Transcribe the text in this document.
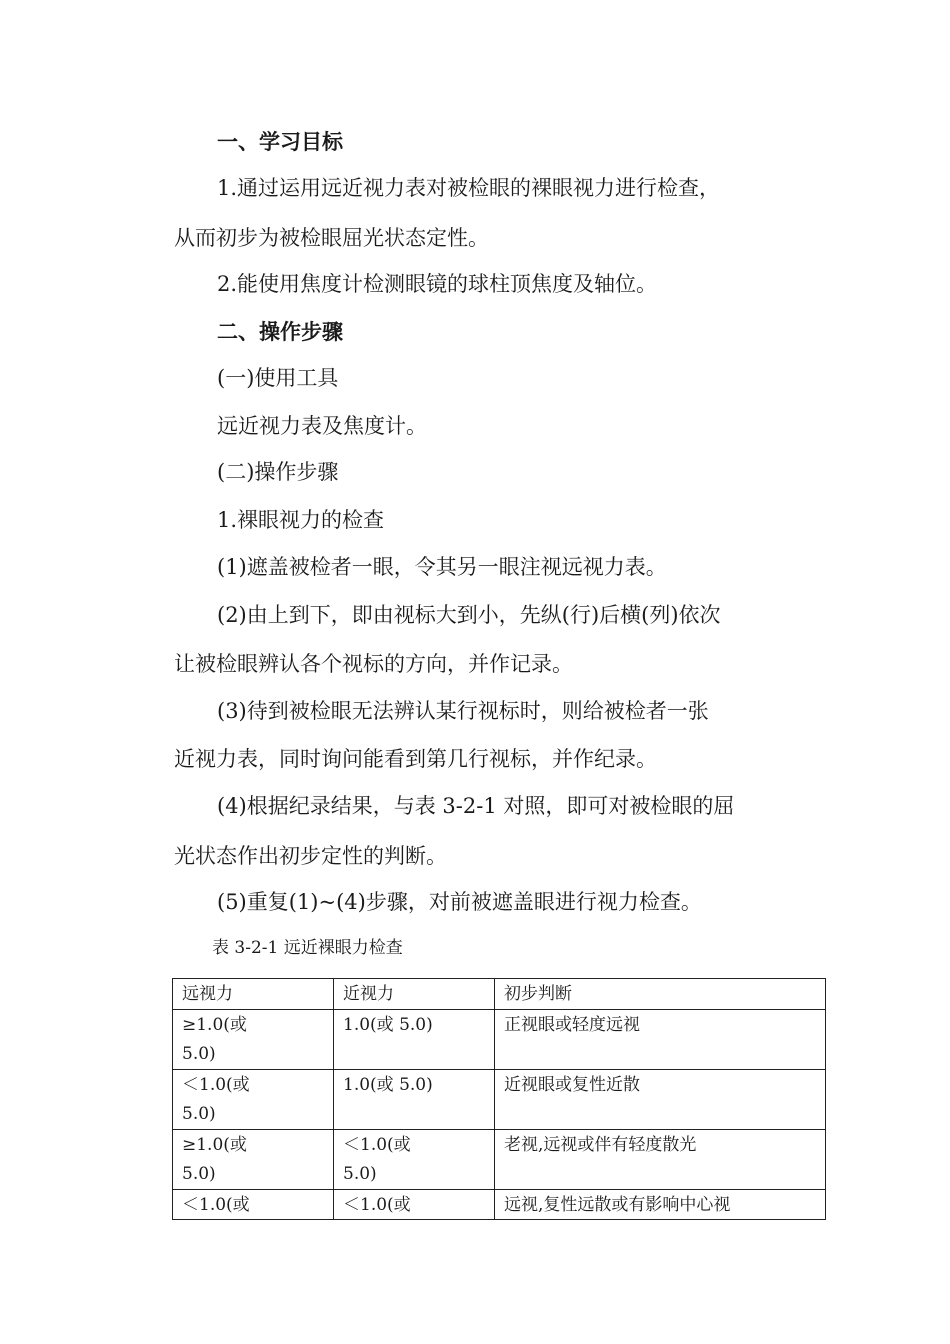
一、学习目标
1.通过运用远近视力表对被检眼的裸眼视力进行检查，
从而初步为被检眼屈光状态定性。
2.能使用焦度计检测眼镜的球柱顶焦度及轴位。
二、操作步骤
(一)使用工具
远近视力表及焦度计。
(二)操作步骤
1.裸眼视力的检查
(1)遮盖被检者一眼，令其另一眼注视远视力表。
(2)由上到下，即由视标大到小，先纵(行)后横(列)依次
让被检眼辨认各个视标的方向，并作记录。
(3)待到被检眼无法辨认某行视标时，则给被检者一张
近视力表，同时询问能看到第几行视标，并作纪录。
(4)根据纪录结果，与表 3-2-1 对照，即可对被检眼的屈
光状态作出初步定性的判断。
(5)重复(1)~(4)步骤，对前被遮盖眼进行视力检查。
表 3-2-1 远近裸眼力检查
远视力	近视力	初步判断

≥1.0(或
5.0)	1.0(或 5.0)	正视眼或轻度远视

＜1.0(或
5.0)	1.0(或 5.0)	近视眼或复性近散

≥1.0(或
5.0)	＜1.0(或
5.0)	老视,远视或伴有轻度散光

＜1.0(或	＜1.0(或	远视,复性远散或有影响中心视
